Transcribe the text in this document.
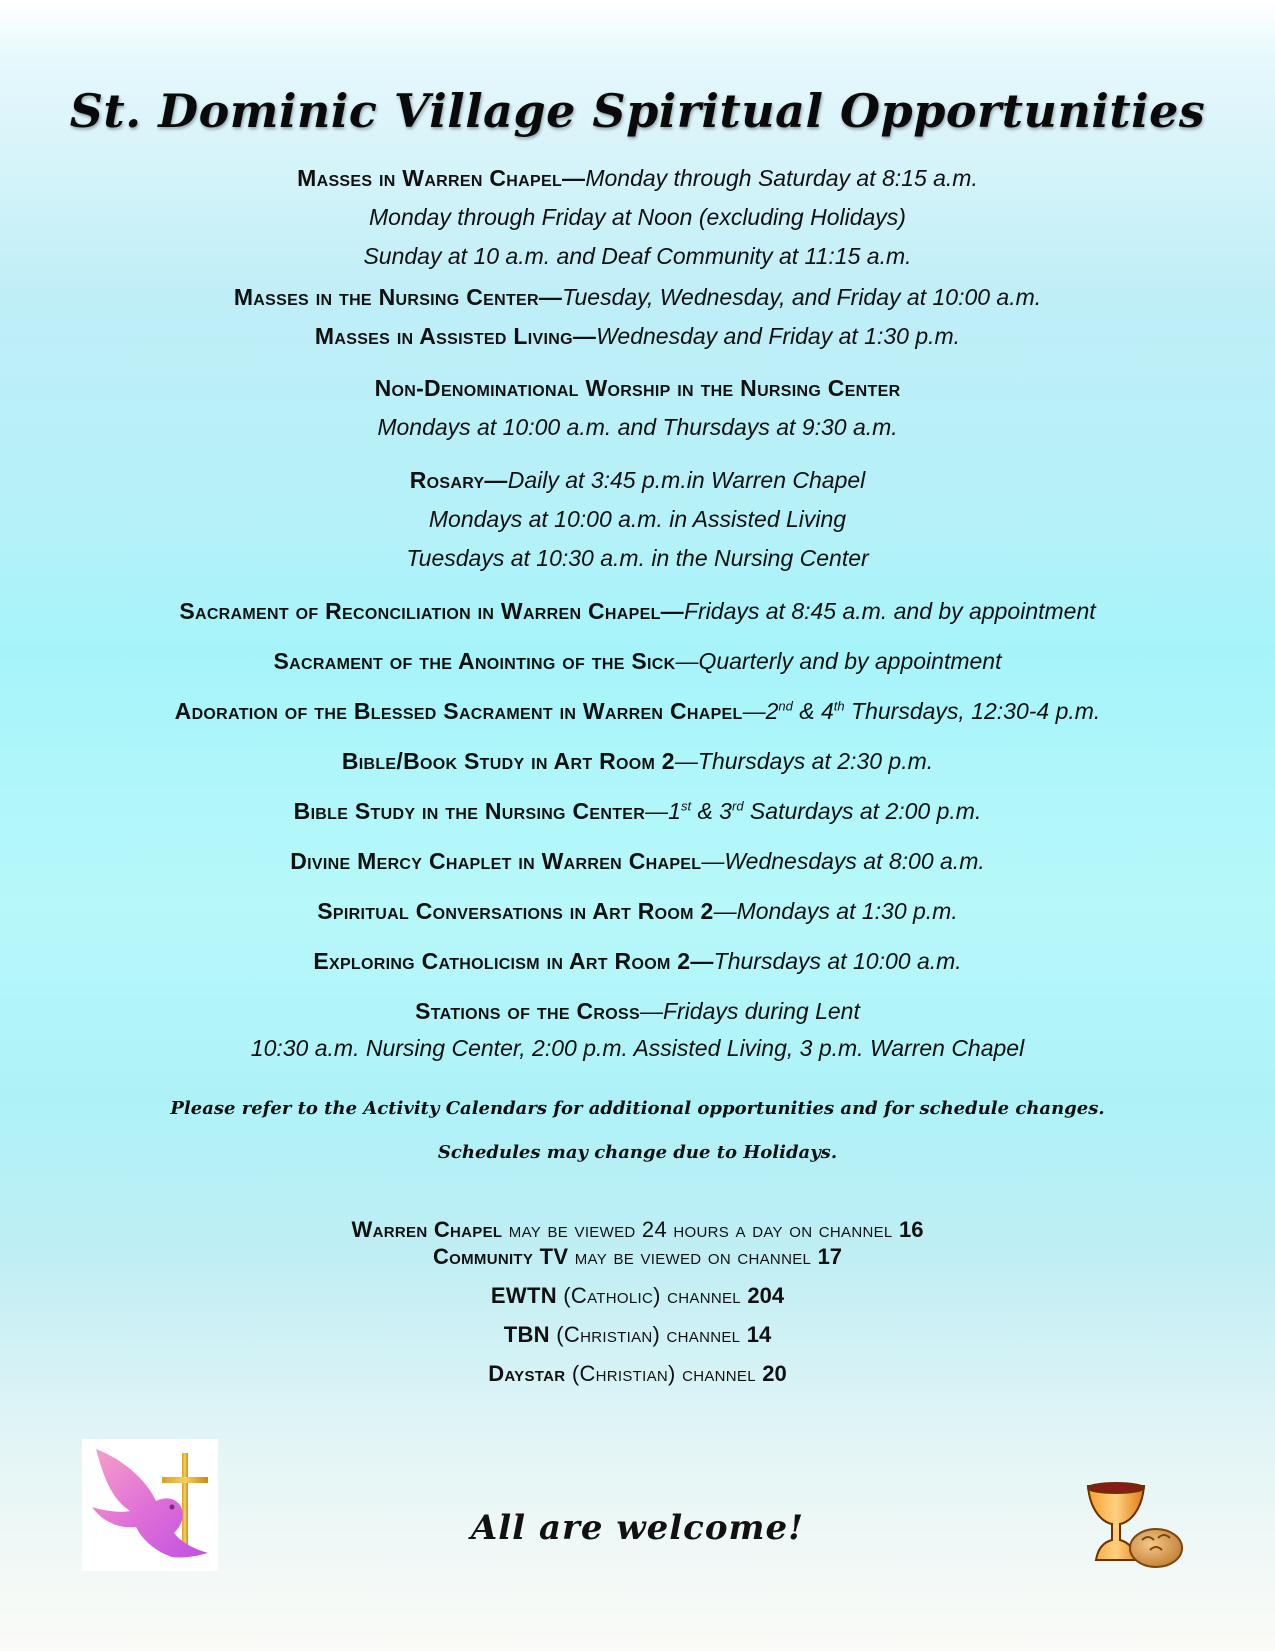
St. Dominic Village Spiritual Opportunities
Masses in Warren Chapel—Monday through Saturday at 8:15 a.m.
Monday through Friday at Noon (excluding Holidays)
Sunday at 10 a.m. and Deaf Community at 11:15 a.m.
Masses in the Nursing Center—Tuesday, Wednesday, and Friday at 10:00 a.m.
Masses in Assisted Living—Wednesday and Friday at 1:30 p.m.
Non-Denominational Worship in the Nursing Center
Mondays at 10:00 a.m. and Thursdays at 9:30 a.m.
Rosary—Daily at 3:45 p.m.in Warren Chapel
Mondays at 10:00 a.m. in Assisted Living
Tuesdays at 10:30 a.m. in the Nursing Center
Sacrament of Reconciliation in Warren Chapel—Fridays at 8:45 a.m. and by appointment
Sacrament of the Anointing of the Sick—Quarterly and by appointment
Adoration of the Blessed Sacrament in Warren Chapel—2nd & 4th Thursdays, 12:30-4 p.m.
Bible/Book Study in Art Room 2—Thursdays at 2:30 p.m.
Bible Study in the Nursing Center—1st & 3rd Saturdays at 2:00 p.m.
Divine Mercy Chaplet in Warren Chapel—Wednesdays at 8:00 a.m.
Spiritual Conversations in Art Room 2—Mondays at 1:30 p.m.
Exploring Catholicism in Art Room 2—Thursdays at 10:00 a.m.
Stations of the Cross—Fridays during Lent
10:30 a.m. Nursing Center, 2:00 p.m. Assisted Living, 3 p.m. Warren Chapel
Please refer to the Activity Calendars for additional opportunities and for schedule changes.
Schedules may change due to Holidays.
Warren Chapel may be viewed 24 hours a day on channel 16
Community TV may be viewed on channel 17
EWTN (Catholic) channel 204
TBN (Christian) channel 14
Daystar (Christian) channel 20
All are welcome!
